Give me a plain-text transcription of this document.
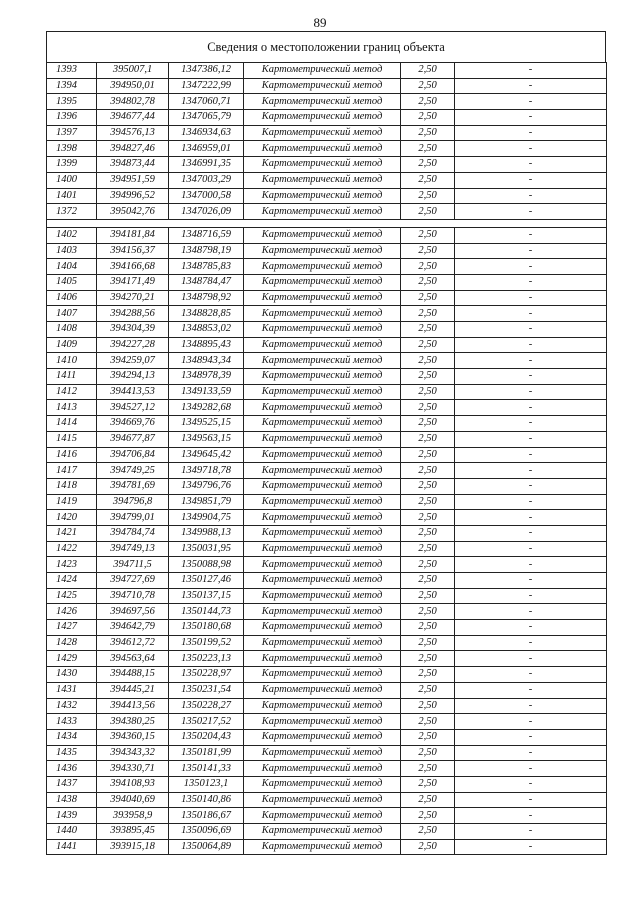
89
Сведения о местоположении границ объекта
1393	395007,1	1347386,12	Картометрический метод	2,50	-
1394	394950,01	1347222,99	Картометрический метод	2,50	-
1395	394802,78	1347060,71	Картометрический метод	2,50	-
1396	394677,44	1347065,79	Картометрический метод	2,50	-
1397	394576,13	1346934,63	Картометрический метод	2,50	-
1398	394827,46	1346959,01	Картометрический метод	2,50	-
1399	394873,44	1346991,35	Картометрический метод	2,50	-
1400	394951,59	1347003,29	Картометрический метод	2,50	-
1401	394996,52	1347000,58	Картометрический метод	2,50	-
1372	395042,76	1347026,09	Картометрический метод	2,50	-

1402	394181,84	1348716,59	Картометрический метод	2,50	-
1403	394156,37	1348798,19	Картометрический метод	2,50	-
1404	394166,68	1348785,83	Картометрический метод	2,50	-
1405	394171,49	1348784,47	Картометрический метод	2,50	-
1406	394270,21	1348798,92	Картометрический метод	2,50	-
1407	394288,56	1348828,85	Картометрический метод	2,50	-
1408	394304,39	1348853,02	Картометрический метод	2,50	-
1409	394227,28	1348895,43	Картометрический метод	2,50	-
1410	394259,07	1348943,34	Картометрический метод	2,50	-
1411	394294,13	1348978,39	Картометрический метод	2,50	-
1412	394413,53	1349133,59	Картометрический метод	2,50	-
1413	394527,12	1349282,68	Картометрический метод	2,50	-
1414	394669,76	1349525,15	Картометрический метод	2,50	-
1415	394677,87	1349563,15	Картометрический метод	2,50	-
1416	394706,84	1349645,42	Картометрический метод	2,50	-
1417	394749,25	1349718,78	Картометрический метод	2,50	-
1418	394781,69	1349796,76	Картометрический метод	2,50	-
1419	394796,8	1349851,79	Картометрический метод	2,50	-
1420	394799,01	1349904,75	Картометрический метод	2,50	-
1421	394784,74	1349988,13	Картометрический метод	2,50	-
1422	394749,13	1350031,95	Картометрический метод	2,50	-
1423	394711,5	1350088,98	Картометрический метод	2,50	-
1424	394727,69	1350127,46	Картометрический метод	2,50	-
1425	394710,78	1350137,15	Картометрический метод	2,50	-
1426	394697,56	1350144,73	Картометрический метод	2,50	-
1427	394642,79	1350180,68	Картометрический метод	2,50	-
1428	394612,72	1350199,52	Картометрический метод	2,50	-
1429	394563,64	1350223,13	Картометрический метод	2,50	-
1430	394488,15	1350228,97	Картометрический метод	2,50	-
1431	394445,21	1350231,54	Картометрический метод	2,50	-
1432	394413,56	1350228,27	Картометрический метод	2,50	-
1433	394380,25	1350217,52	Картометрический метод	2,50	-
1434	394360,15	1350204,43	Картометрический метод	2,50	-
1435	394343,32	1350181,99	Картометрический метод	2,50	-
1436	394330,71	1350141,33	Картометрический метод	2,50	-
1437	394108,93	1350123,1	Картометрический метод	2,50	-
1438	394040,69	1350140,86	Картометрический метод	2,50	-
1439	393958,9	1350186,67	Картометрический метод	2,50	-
1440	393895,45	1350096,69	Картометрический метод	2,50	-
1441	393915,18	1350064,89	Картометрический метод	2,50	-
